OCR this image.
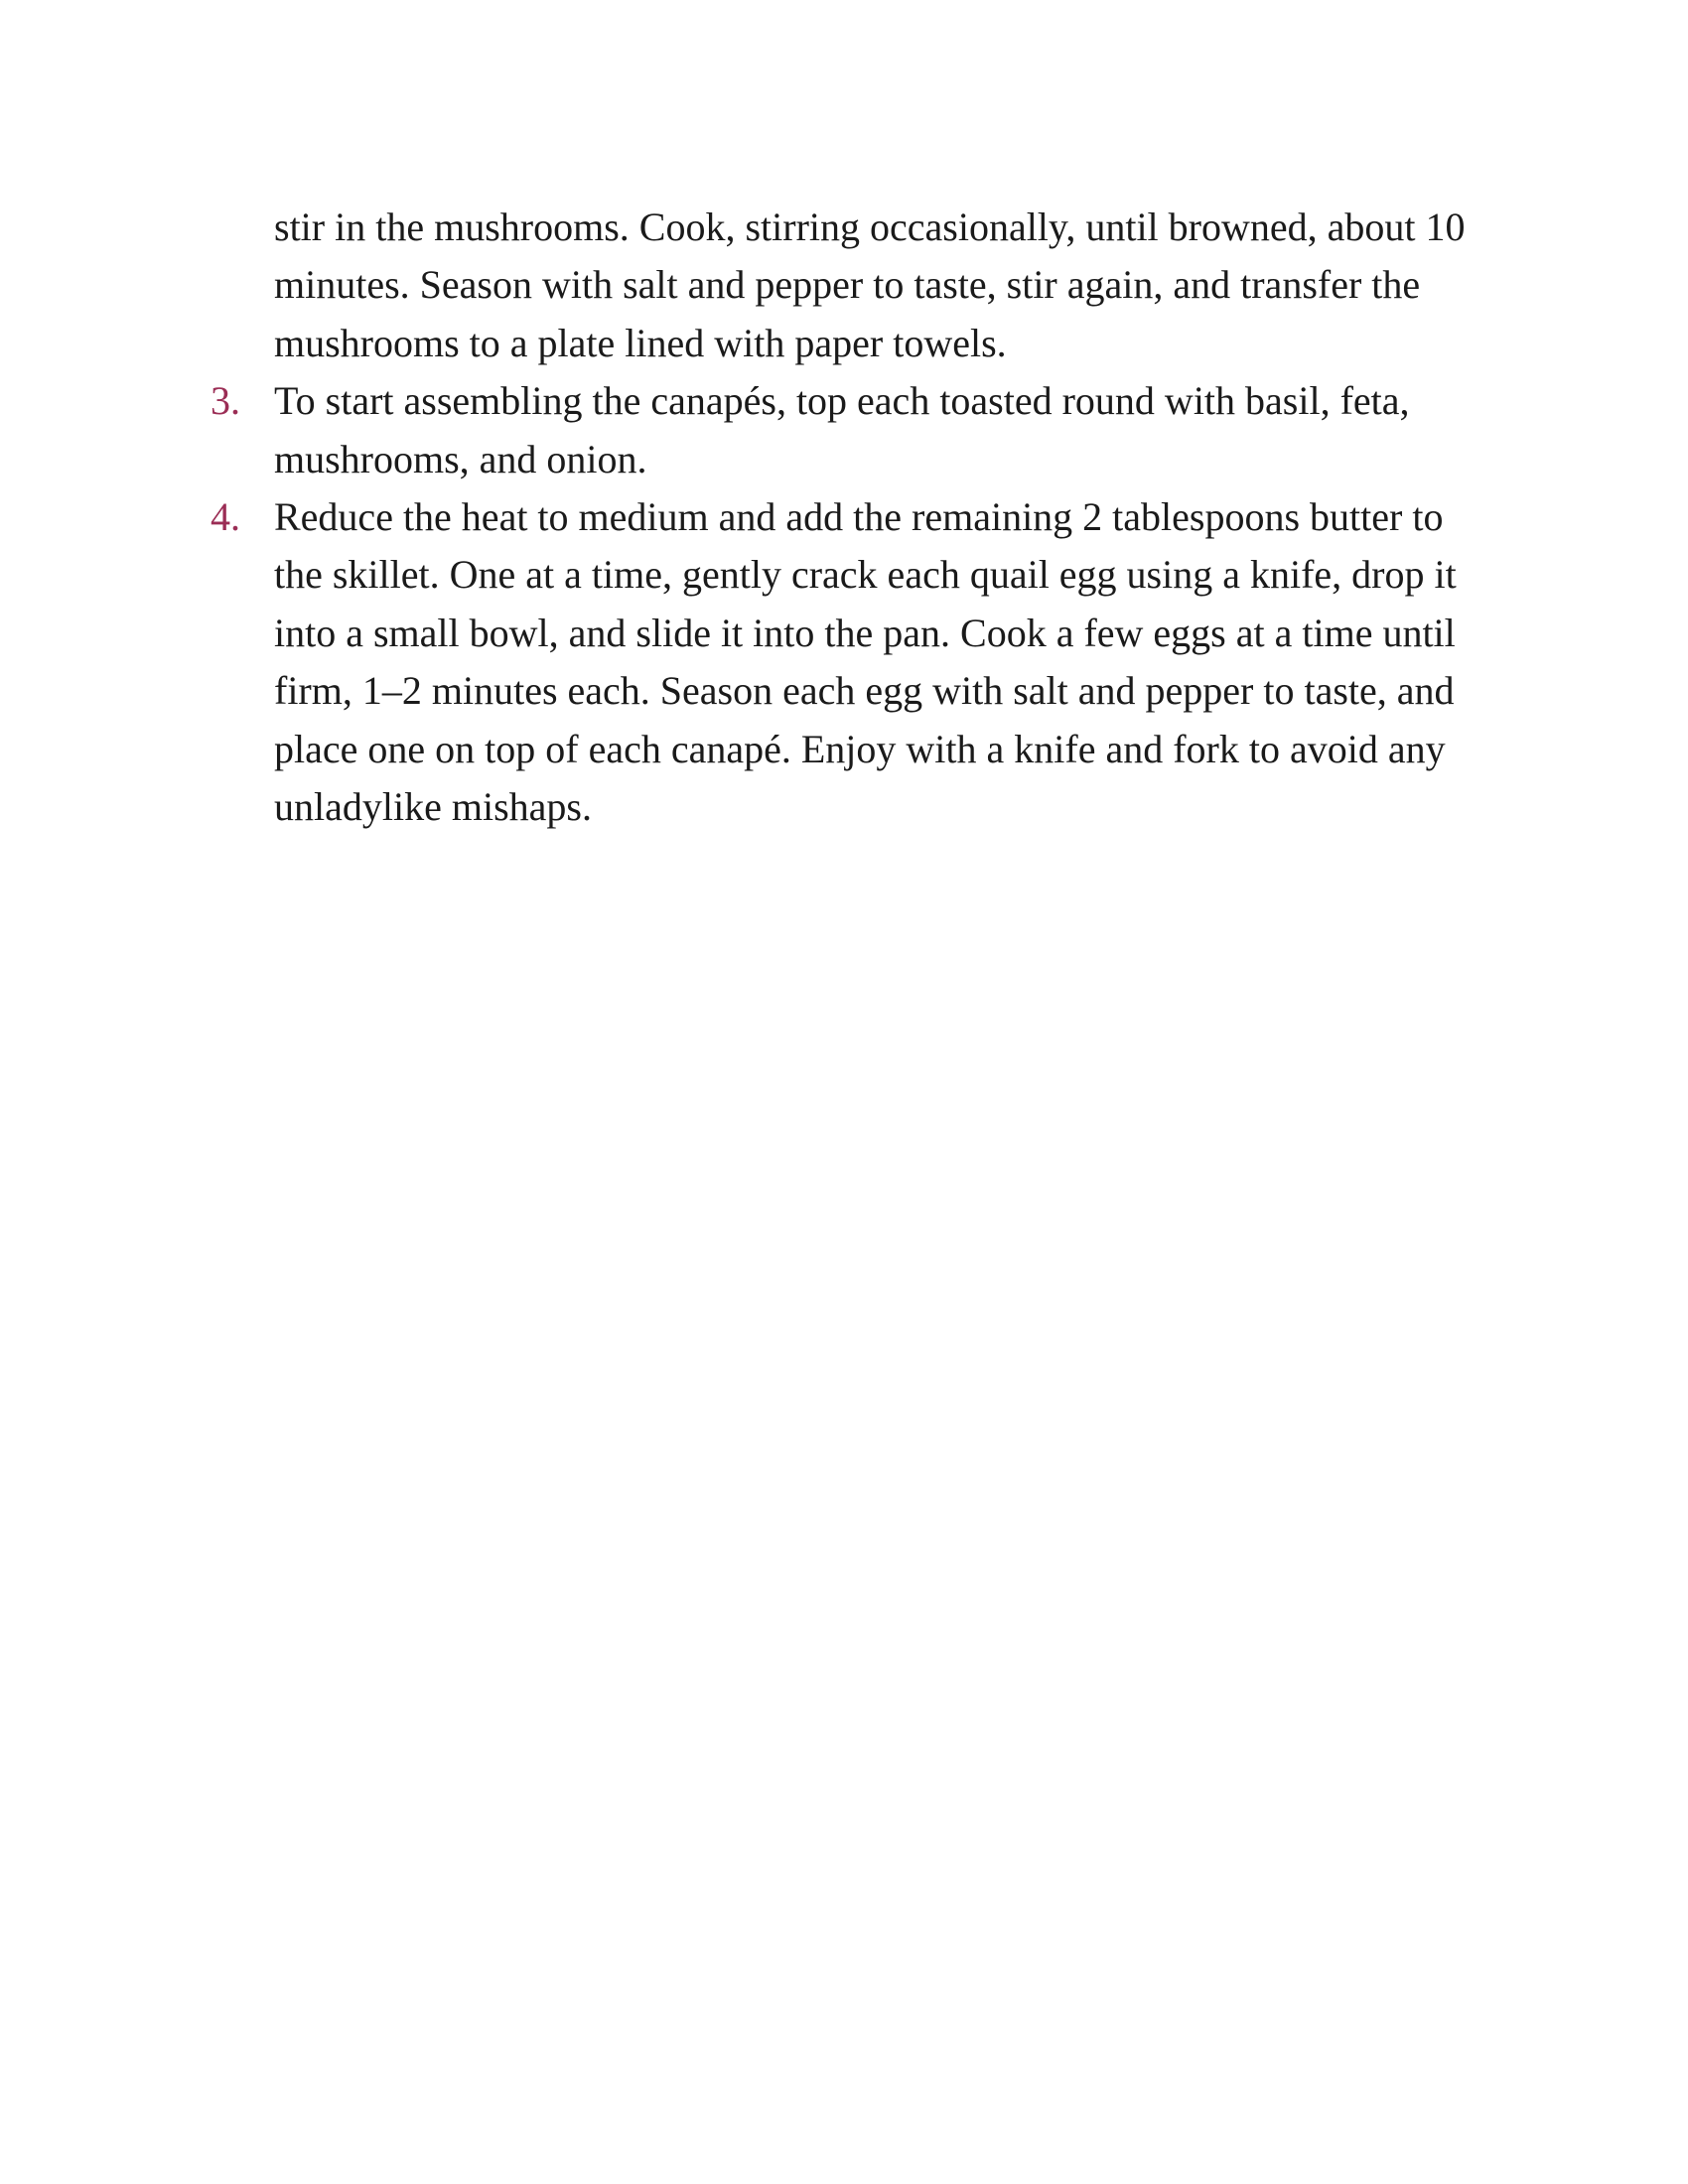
stir in the mushrooms. Cook, stirring occasionally, until browned, about 10 minutes. Season with salt and pepper to taste, stir again, and transfer the mushrooms to a plate lined with paper towels.
3. To start assembling the canapés, top each toasted round with basil, feta, mushrooms, and onion.
4. Reduce the heat to medium and add the remaining 2 tablespoons butter to the skillet. One at a time, gently crack each quail egg using a knife, drop it into a small bowl, and slide it into the pan. Cook a few eggs at a time until firm, 1–2 minutes each. Season each egg with salt and pepper to taste, and place one on top of each canapé. Enjoy with a knife and fork to avoid any unladylike mishaps.
